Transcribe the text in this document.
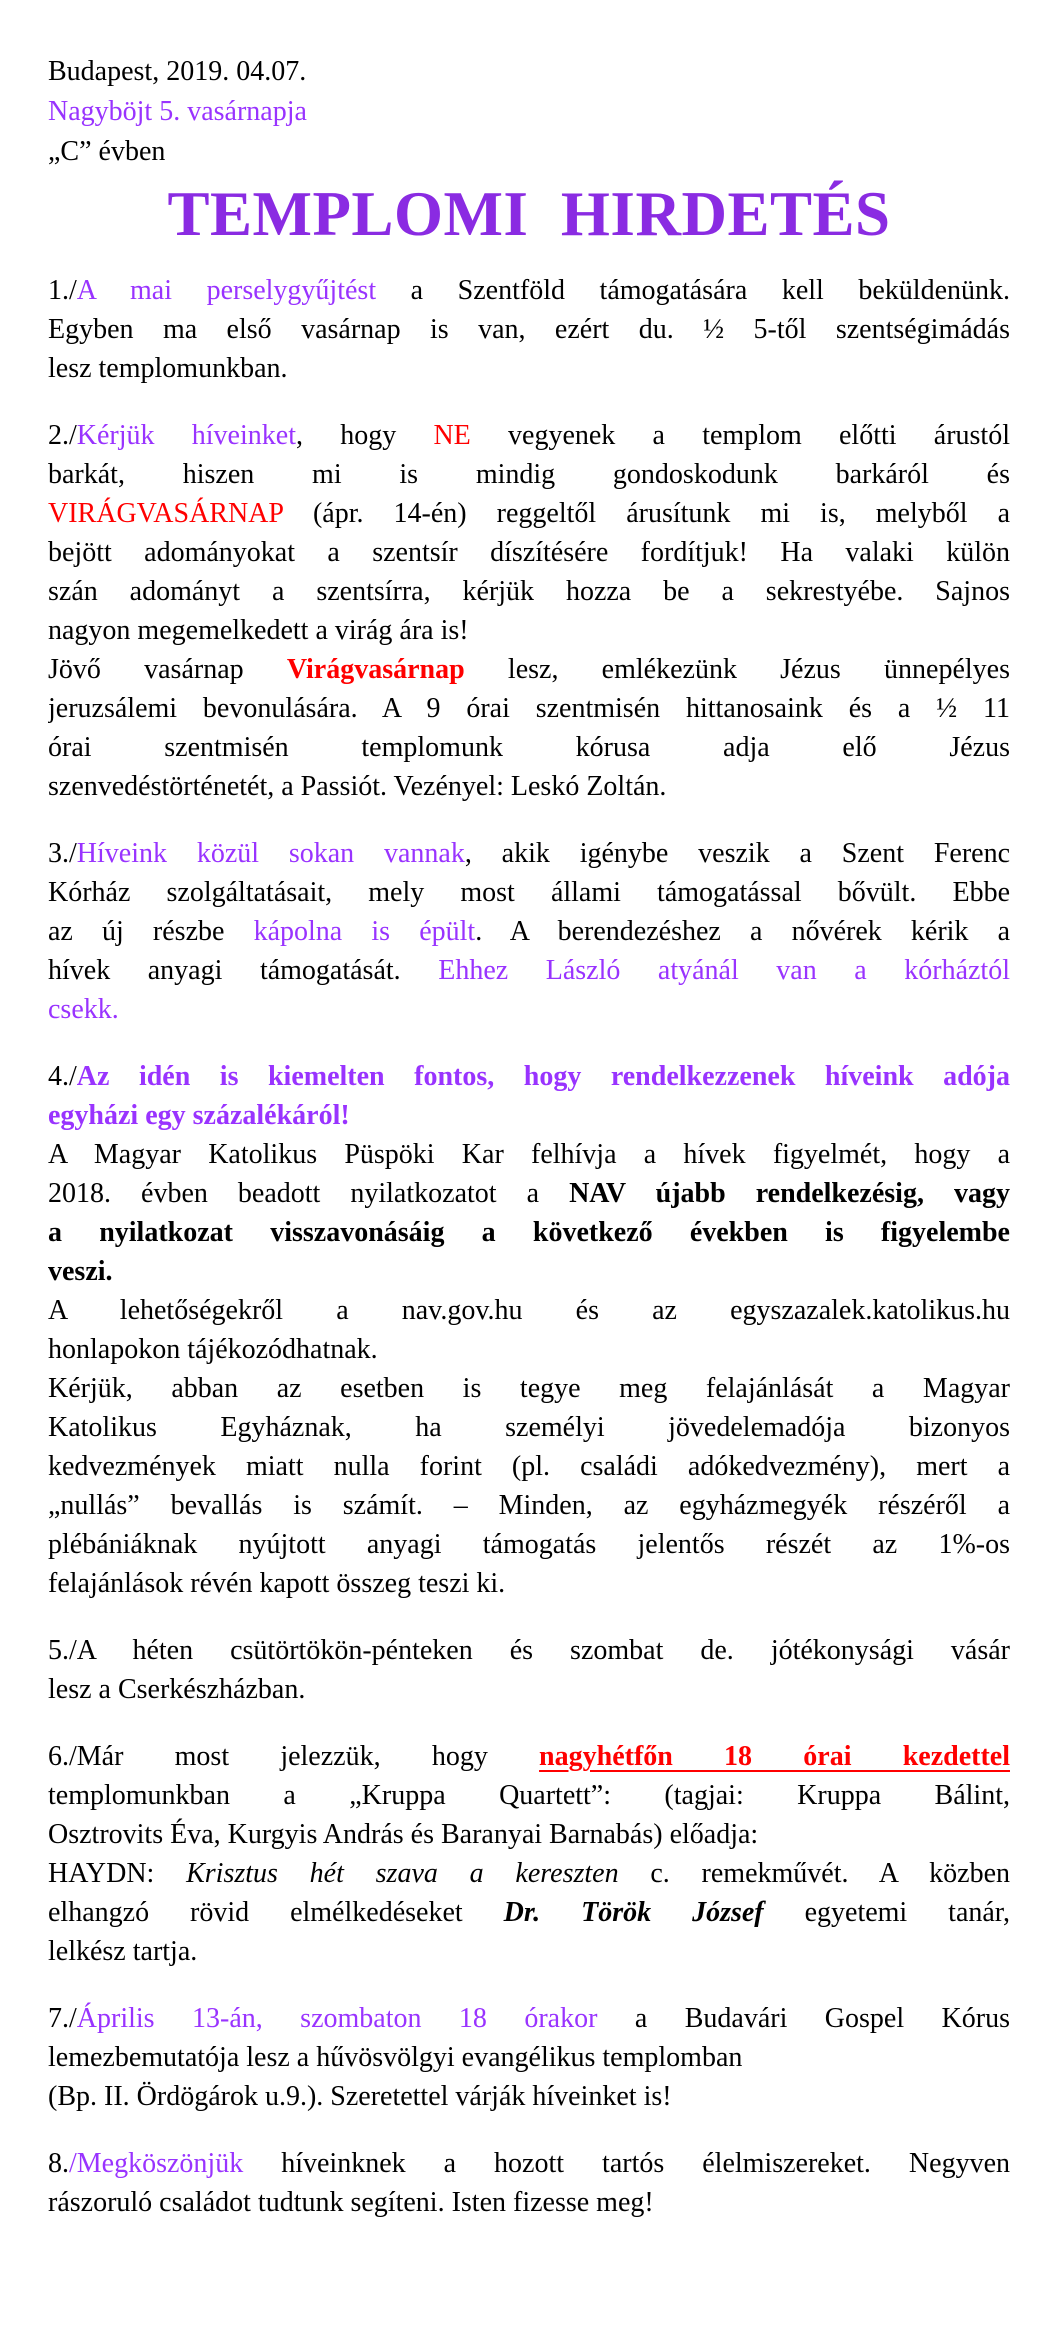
Budapest, 2019. 04.07.
Nagyböjt 5. vasárnapja
„C” évben
TEMPLOMI  HIRDETÉS
1./A mai perselygyűjtést a Szentföld támogatására kell beküldenünk.
Egyben ma első vasárnap is van, ezért du. ½ 5-től szentségimádás
lesz templomunkban.
2./Kérjük híveinket, hogy NE vegyenek a templom előtti árustól
barkát, hiszen mi is mindig gondoskodunk barkáról és
VIRÁGVASÁRNAP (ápr. 14-én) reggeltől árusítunk mi is, melyből a
bejött adományokat a szentsír díszítésére fordítjuk! Ha valaki külön
szán adományt a szentsírra, kérjük hozza be a sekrestyébe. Sajnos
nagyon megemelkedett a virág ára is!
Jövő vasárnap Virágvasárnap lesz, emlékezünk Jézus ünnepélyes
jeruzsálemi bevonulására. A 9 órai szentmisén hittanosaink és a ½ 11
órai szentmisén templomunk kórusa adja elő Jézus
szenvedéstörténetét, a Passiót. Vezényel: Leskó Zoltán.
3./Híveink közül sokan vannak, akik igénybe veszik a Szent Ferenc
Kórház szolgáltatásait, mely most állami támogatással bővült. Ebbe
az új részbe kápolna is épült. A berendezéshez a nővérek kérik a
hívek anyagi támogatását. Ehhez László atyánál van a kórháztól
csekk.
4./Az idén is kiemelten fontos, hogy rendelkezzenek híveink adója
egyházi egy százalékáról!
A Magyar Katolikus Püspöki Kar felhívja a hívek figyelmét, hogy a
2018. évben beadott nyilatkozatot a NAV újabb rendelkezésig, vagy
a nyilatkozat visszavonásáig a következő években is figyelembe
veszi.
A lehetőségekről a nav.gov.hu és az egyszazalek.katolikus.hu
honlapokon tájékozódhatnak.
Kérjük, abban az esetben is tegye meg felajánlását a Magyar
Katolikus Egyháznak, ha személyi jövedelemadója bizonyos
kedvezmények miatt nulla forint (pl. családi adókedvezmény), mert a
„nullás” bevallás is számít. – Minden, az egyházmegyék részéről a
plébániáknak nyújtott anyagi támogatás jelentős részét az 1%-os
felajánlások révén kapott összeg teszi ki.
5./A héten csütörtökön-pénteken és szombat de. jótékonysági vásár
lesz a Cserkészházban.
6./Már most jelezzük, hogy nagyhétfőn 18 órai kezdettel
templomunkban a „Kruppa Quartett”: (tagjai: Kruppa Bálint,
Osztrovits Éva, Kurgyis András és Baranyai Barnabás) előadja:
HAYDN: Krisztus hét szava a kereszten c. remekművét. A közben
elhangzó rövid elmélkedéseket Dr. Török József egyetemi tanár,
lelkész tartja.
7./Április 13-án, szombaton 18 órakor a Budavári Gospel Kórus
lemezbemutatója lesz a hűvösvölgyi evangélikus templomban
(Bp. II. Ördögárok u.9.). Szeretettel várják híveinket is!
8./Megköszönjük híveinknek a hozott tartós élelmiszereket. Negyven
rászoruló családot tudtunk segíteni. Isten fizesse meg!
